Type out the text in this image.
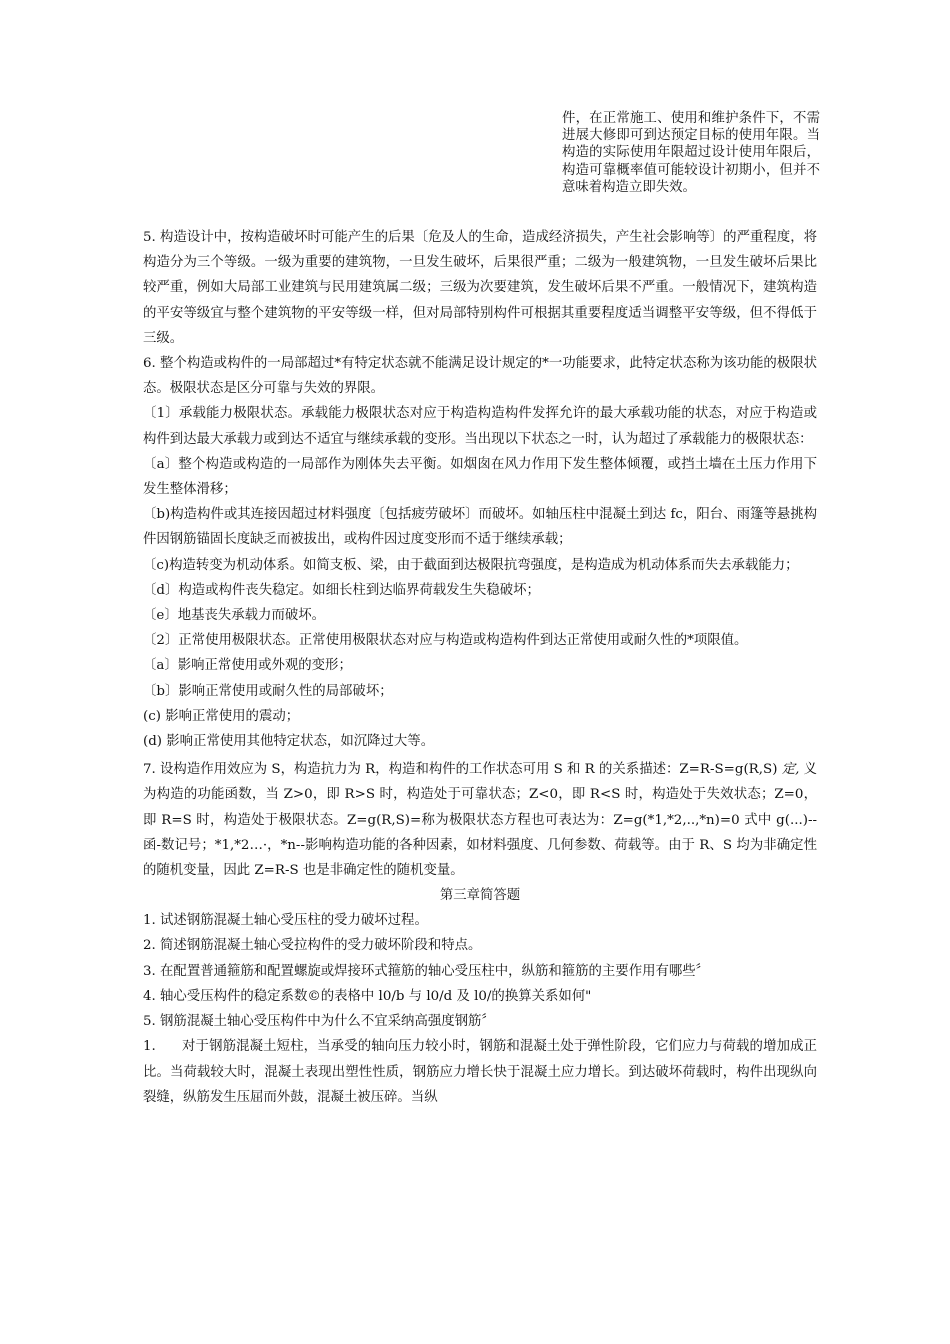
件，在正常施工、使用和维护条件下，不需进展大修即可到达预定目标的使用年限。当构造的实际使用年限超过设计使用年限后，构造可靠概率值可能较设计初期小，但并不意味着构造立即失效。

5. 构造设计中，按构造破坏时可能产生的后果〔危及人的生命，造成经济损失，产生社会影响等〕的严重程度，将构造分为三个等级。一级为重要的建筑物，一旦发生破坏，后果很严重；二级为一般建筑物，一旦发生破坏后果比较严重，例如大局部工业建筑与民用建筑属二级；三级为次要建筑，发生破坏后果不严重。一般情况下，建筑构造的平安等级宜与整个建筑物的平安等级一样，但对局部特别构件可根据其重要程度适当调整平安等级，但不得低于三级。

6. 整个构造或构件的一局部超过*有特定状态就不能满足设计规定的*一功能要求，此特定状态称为该功能的极限状态。极限状态是区分可靠与失效的界限。

〔1〕承载能力极限状态。承载能力极限状态对应于构造构造构件发挥允许的最大承载功能的状态，对应于构造或构件到达最大承载力或到达不适宜与继续承载的变形。当出现以下状态之一时，认为超过了承载能力的极限状态：

〔a〕整个构造或构造的一局部作为刚体失去平衡。如烟囱在风力作用下发生整体倾覆，或挡土墙在土压力作用下发生整体滑移；

〔b)构造构件或其连接因超过材料强度〔包括疲劳破坏〕而破坏。如轴压柱中混凝土到达 fc，阳台、雨篷等悬挑构件因钢筋锚固长度缺乏而被拔出，或构件因过度变形而不适于继续承载；

〔c)构造转变为机动体系。如简支板、梁，由于截面到达极限抗弯强度，是构造成为机动体系而失去承载能力；

〔d〕构造或构件丧失稳定。如细长柱到达临界荷载发生失稳破坏；

〔e〕地基丧失承载力而破坏。

〔2〕正常使用极限状态。正常使用极限状态对应与构造或构造构件到达正常使用或耐久性的*项限值。

〔a〕影响正常使用或外观的变形；

〔b〕影响正常使用或耐久性的局部破坏；

(c) 影响正常使用的震动；

(d) 影响正常使用其他特定状态，如沉降过大等。

7. 设构造作用效应为 S，构造抗力为 R，构造和构件的工作状态可用 S 和 R 的关系描述：Z=R-S=g(R,S) 定, 义为构造的功能函数，当 Z>0，即 R>S 时，构造处于可靠状态；Z<0，即 R<S 时，构造处于失效状态；Z=0，即 R=S 时，构造处于极限状态。Z=g(R,S)=称为极限状态方程也可表达为：Z=g(*1,*2,..,*n)=0 式中 g(...)--函-数记号；*1,*2…·，*n--影响构造功能的各种因素，如材料强度、几何参数、荷载等。由于 R、S 均为非确定性的随机变量，因此 Z=R-S 也是非确定性的随机变量。

第三章简答题

1. 试述钢筋混凝土轴心受压柱的受力破坏过程。

2. 简述钢筋混凝土轴心受拉构件的受力破坏阶段和特点。

3. 在配置普通箍筋和配置螺旋或焊接环式箍筋的轴心受压柱中，纵筋和箍筋的主要作用有哪些〞

4. 轴心受压构件的稳定系数©的表格中 l0/b 与 l0/d 及 l0/的换算关系如何"

5. 钢筋混凝土轴心受压构件中为什么不宜采纳高强度钢筋〞

1.      对于钢筋混凝土短柱，当承受的轴向压力较小时，钢筋和混凝土处于弹性阶段，它们应力与荷载的增加成正比。当荷载较大时，混凝土表现出塑性性质，钢筋应力增长快于混凝土应力增长。到达破坏荷载时，构件出现纵向裂缝，纵筋发生压屈而外鼓，混凝土被压碎。当纵
